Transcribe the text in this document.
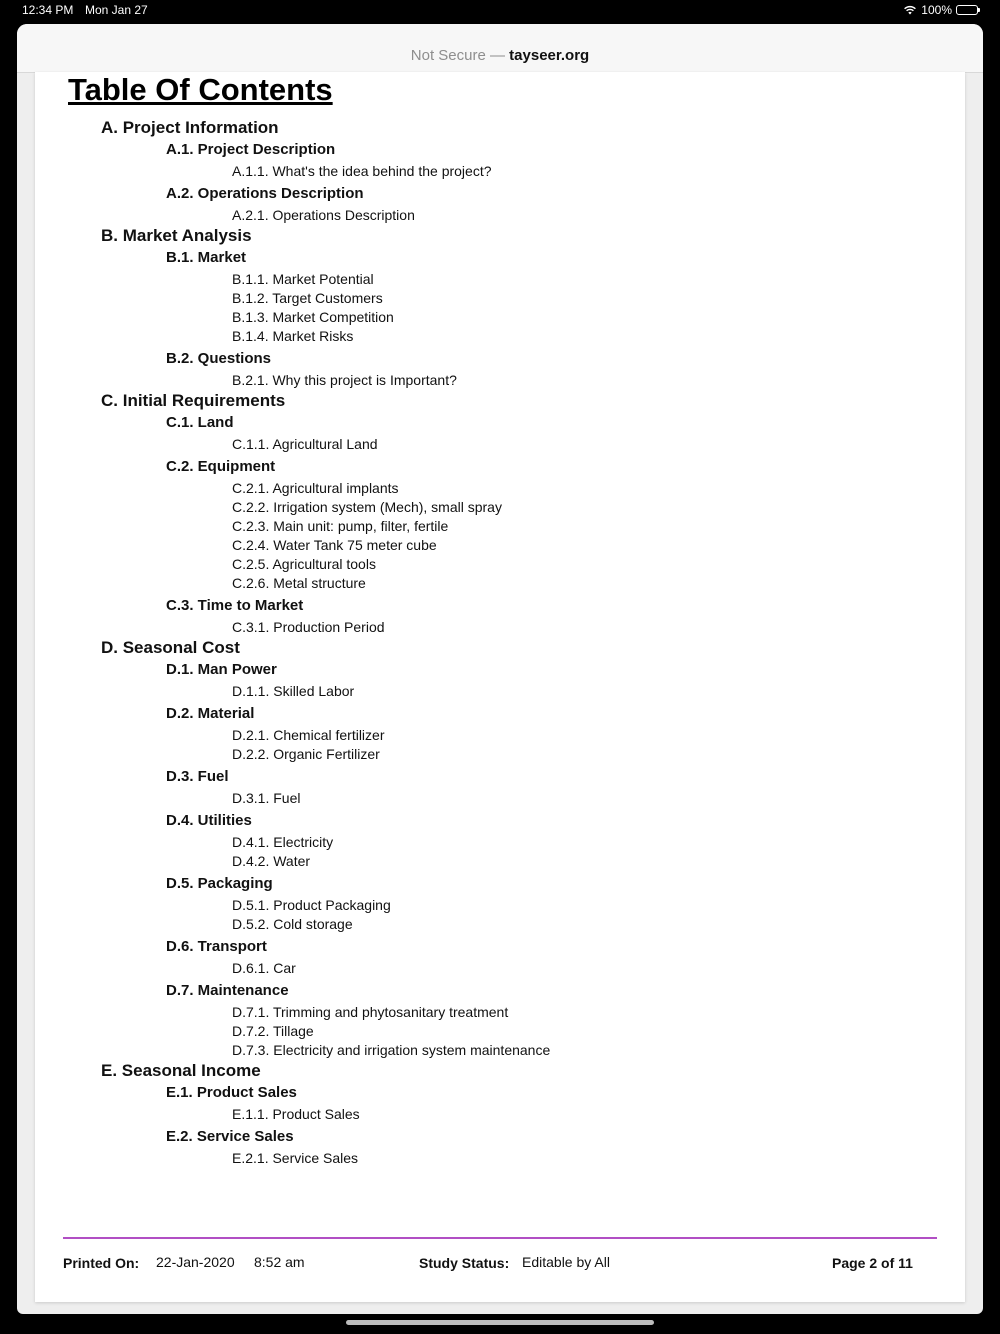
12:34 PM Mon Jan 27	100%
Not Secure — tayseer.org
Table Of Contents
A. Project Information
A.1. Project Description
A.1.1. What's the idea behind the project?
A.2. Operations Description
A.2.1. Operations Description
B. Market Analysis
B.1. Market
B.1.1. Market Potential
B.1.2. Target Customers
B.1.3. Market Competition
B.1.4. Market Risks
B.2. Questions
B.2.1. Why this project is Important?
C. Initial Requirements
C.1. Land
C.1.1. Agricultural Land
C.2. Equipment
C.2.1. Agricultural implants
C.2.2. Irrigation system (Mech), small spray
C.2.3. Main unit: pump, filter, fertile
C.2.4. Water Tank 75 meter cube
C.2.5. Agricultural tools
C.2.6. Metal structure
C.3. Time to Market
C.3.1. Production Period
D. Seasonal Cost
D.1. Man Power
D.1.1. Skilled Labor
D.2. Material
D.2.1. Chemical fertilizer
D.2.2. Organic Fertilizer
D.3. Fuel
D.3.1. Fuel
D.4. Utilities
D.4.1. Electricity
D.4.2. Water
D.5. Packaging
D.5.1. Product Packaging
D.5.2. Cold storage
D.6. Transport
D.6.1. Car
D.7. Maintenance
D.7.1. Trimming and phytosanitary treatment
D.7.2. Tillage
D.7.3. Electricity and irrigation system maintenance
E. Seasonal Income
E.1. Product Sales
E.1.1. Product Sales
E.2. Service Sales
E.2.1. Service Sales
Printed On: 22-Jan-2020 8:52 am	Study Status: Editable by All	Page 2 of 11
